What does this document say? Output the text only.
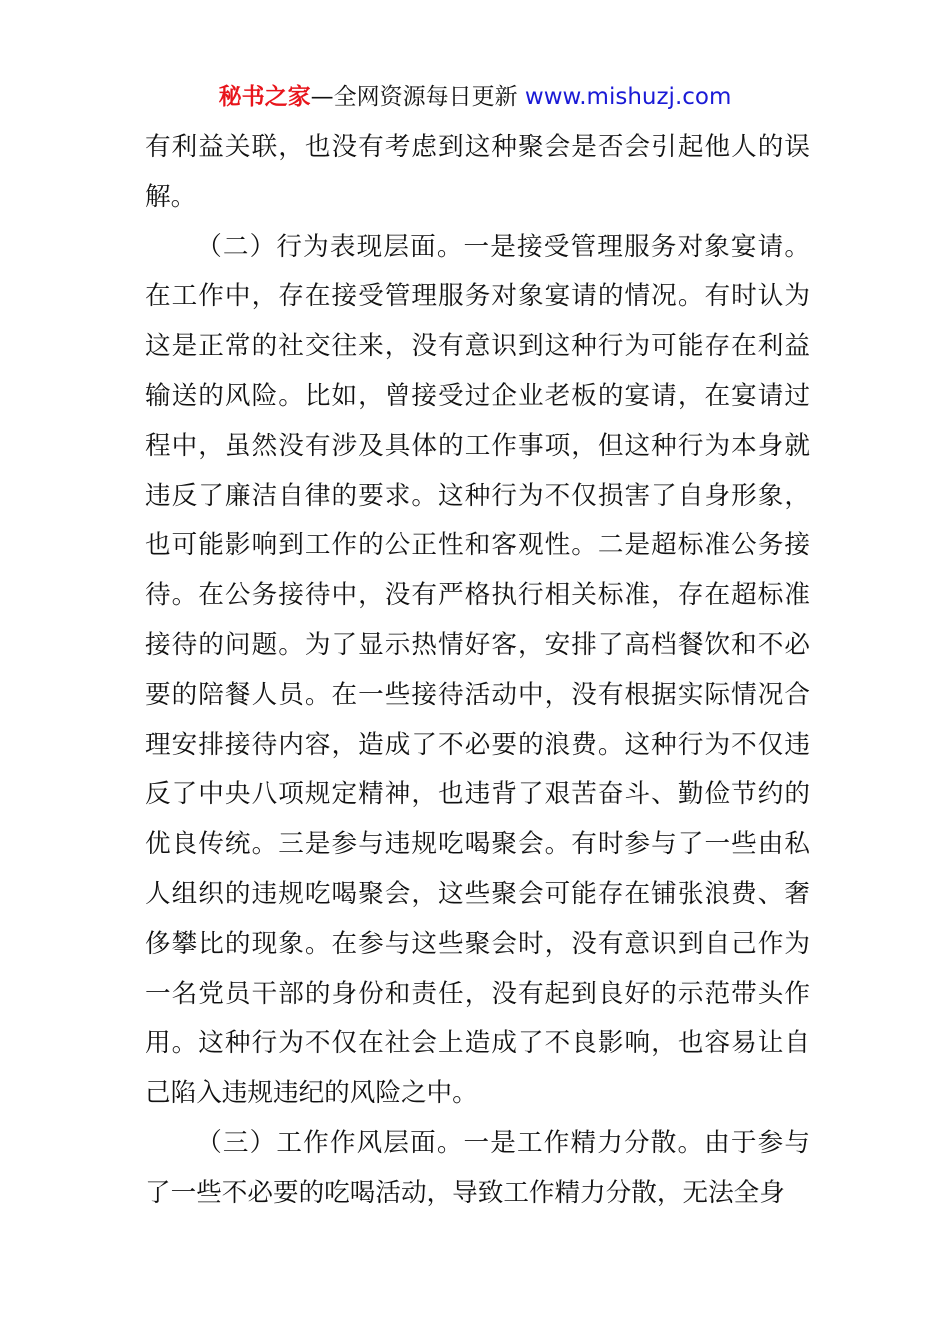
秘书之家—全网资源每日更新 www.mishuzj.com

有利益关联，也没有考虑到这种聚会是否会引起他人的误解。

（二）行为表现层面。一是接受管理服务对象宴请。在工作中，存在接受管理服务对象宴请的情况。有时认为这是正常的社交往来，没有意识到这种行为可能存在利益输送的风险。比如，曾接受过企业老板的宴请，在宴请过程中，虽然没有涉及具体的工作事项，但这种行为本身就违反了廉洁自律的要求。这种行为不仅损害了自身形象，也可能影响到工作的公正性和客观性。二是超标准公务接待。在公务接待中，没有严格执行相关标准，存在超标准接待的问题。为了显示热情好客，安排了高档餐饮和不必要的陪餐人员。在一些接待活动中，没有根据实际情况合理安排接待内容，造成了不必要的浪费。这种行为不仅违反了中央八项规定精神，也违背了艰苦奋斗、勤俭节约的优良传统。三是参与违规吃喝聚会。有时参与了一些由私人组织的违规吃喝聚会，这些聚会可能存在铺张浪费、奢侈攀比的现象。在参与这些聚会时，没有意识到自己作为一名党员干部的身份和责任，没有起到良好的示范带头作用。这种行为不仅在社会上造成了不良影响，也容易让自己陷入违规违纪的风险之中。

（三）工作作风层面。一是工作精力分散。由于参与了一些不必要的吃喝活动，导致工作精力分散，无法全身
